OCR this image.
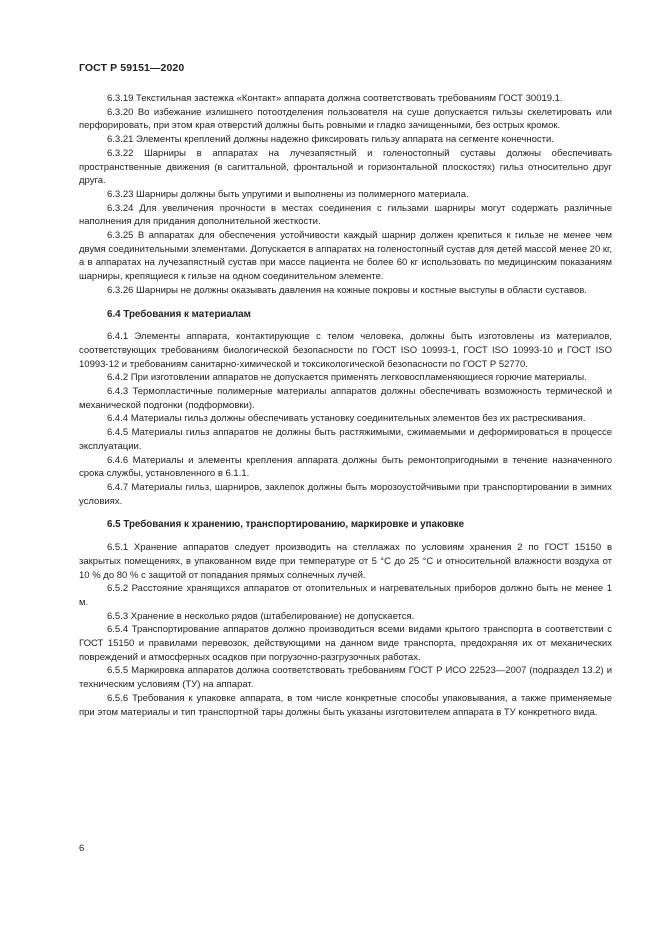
ГОСТ Р 59151—2020

6.3.19 Текстильная застежка «Контакт» аппарата должна соответствовать требованиям ГОСТ 30019.1.

6.3.20 Во избежание излишнего потоотделения пользователя на суше допускается гильзы скелетировать или перфорировать, при этом края отверстий должны быть ровными и гладко зачищенными, без острых кромок.

6.3.21 Элементы креплений должны надежно фиксировать гильзу аппарата на сегменте конечности.

6.3.22 Шарниры в аппаратах на лучезапястный и голеностопный суставы должны обеспечивать пространственные движения (в сагиттальной, фронтальной и горизонтальной плоскостях) гильз относительно друг друга.

6.3.23 Шарниры должны быть упругими и выполнены из полимерного материала.

6.3.24 Для увеличения прочности в местах соединения с гильзами шарниры могут содержать различные наполнения для придания дополнительной жесткости.

6.3.25 В аппаратах для обеспечения устойчивости каждый шарнир должен крепиться к гильзе не менее чем двумя соединительными элементами. Допускается в аппаратах на голеностопный сустав для детей массой менее 20 кг, а в аппаратах на лучезапястный сустав при массе пациента не более 60 кг использовать по медицинским показаниям шарниры, крепящиеся к гильзе на одном соединительном элементе.

6.3.26 Шарниры не должны оказывать давления на кожные покровы и костные выступы в области суставов.

6.4 Требования к материалам

6.4.1 Элементы аппарата, контактирующие с телом человека, должны быть изготовлены из материалов, соответствующих требованиям биологической безопасности по ГОСТ ISO 10993-1, ГОСТ ISO 10993-10 и ГОСТ ISO 10993-12 и требованиям санитарно-химической и токсикологической безопасности по ГОСТ Р 52770.

6.4.2 При изготовлении аппаратов не допускается применять легковоспламеняющиеся горючие материалы.

6.4.3 Термопластичные полимерные материалы аппаратов должны обеспечивать возможность термической и механической подгонки (подформовки).

6.4.4 Материалы гильз должны обеспечивать установку соединительных элементов без их растрескивания.

6.4.5 Материалы гильз аппаратов не должны быть растяжимыми, сжимаемыми и деформироваться в процессе эксплуатации.

6.4.6 Материалы и элементы крепления аппарата должны быть ремонтопригодными в течение назначенного срока службы, установленного в 6.1.1.

6.4.7 Материалы гильз, шарниров, заклепок должны быть морозоустойчивыми при транспортировании в зимних условиях.

6.5 Требования к хранению, транспортированию, маркировке и упаковке

6.5.1 Хранение аппаратов следует производить на стеллажах по условиям хранения 2 по ГОСТ 15150 в закрытых помещениях, в упакованном виде при температуре от 5 °С до 25 °С и относительной влажности воздуха от 10 % до 80 % с защитой от попадания прямых солнечных лучей.

6.5.2 Расстояние хранящихся аппаратов от отопительных и нагревательных приборов должно быть не менее 1 м.

6.5.3 Хранение в несколько рядов (штабелирование) не допускается.

6.5.4 Транспортирование аппаратов должно производиться всеми видами крытого транспорта в соответствии с ГОСТ 15150 и правилами перевозок, действующими на данном виде транспорта, предохраняя их от механических повреждений и атмосферных осадков при погрузочно-разгрузочных работах.

6.5.5 Маркировка аппаратов должна соответствовать требованиям ГОСТ Р ИСО 22523—2007 (подраздел 13.2) и техническим условиям (ТУ) на аппарат.

6.5.6 Требования к упаковке аппарата, в том числе конкретные способы упаковывания, а также применяемые при этом материалы и тип транспортной тары должны быть указаны изготовителем аппарата в ТУ конкретного вида.

6
